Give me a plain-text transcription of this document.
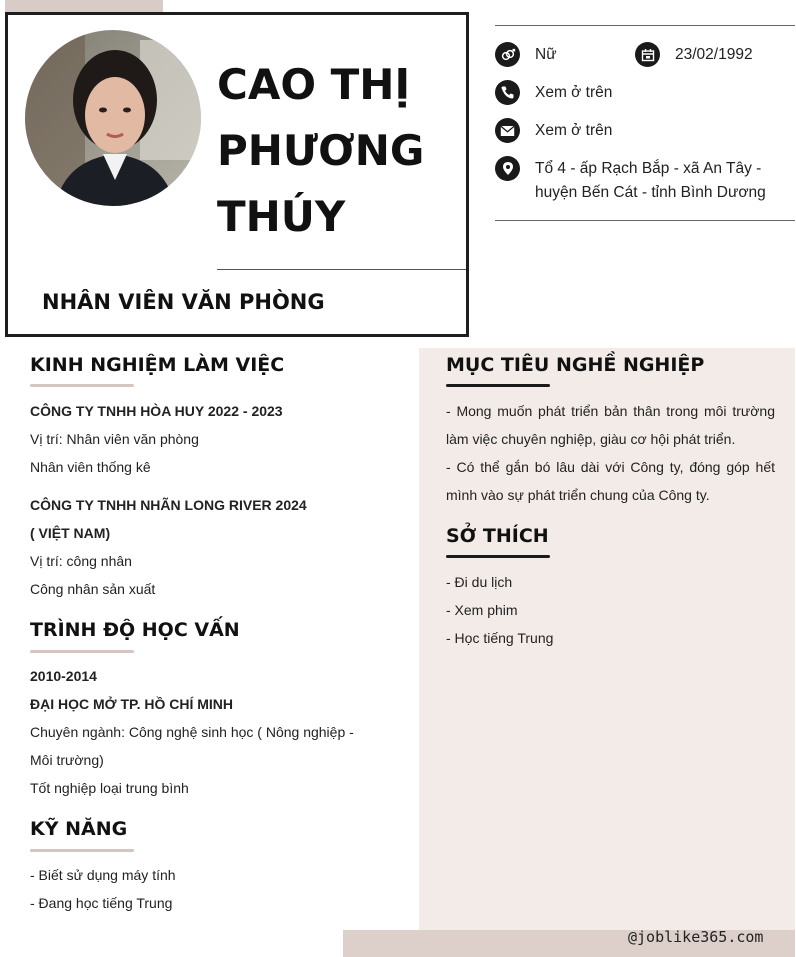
CAO THỊ
PHƯƠNG
THÚY
NHÂN VIÊN VĂN PHÒNG
Nữ	23/02/1992
Xem ở trên
Xem ở trên
Tổ 4 - ấp Rạch Bắp - xã An Tây -
huyện Bến Cát - tỉnh Bình Dương
KINH NGHIỆM LÀM VIỆC
CÔNG TY TNHH HÒA HUY 2022 - 2023
Vị trí: Nhân viên văn phòng
Nhân viên thống kê
CÔNG TY TNHH NHÃN LONG RIVER 2024
( VIỆT NAM)
Vị trí: công nhân
Công nhân sản xuất
TRÌNH ĐỘ HỌC VẤN
2010-2014
ĐẠI HỌC MỞ TP. HỒ CHÍ MINH
Chuyên ngành: Công nghệ sinh học ( Nông nghiệp -
Môi trường)
Tốt nghiệp loại trung bình
KỸ NĂNG
- Biết sử dụng máy tính
- Đang học tiếng Trung
MỤC TIÊU NGHỀ NGHIỆP
- Mong muốn phát triển bản thân trong môi trường
làm việc chuyên nghiệp, giàu cơ hội phát triển.
- Có thể gắn bó lâu dài với Công ty, đóng góp hết
mình vào sự phát triển chung của Công ty.
SỞ THÍCH
- Đi du lịch
- Xem phim
- Học tiếng Trung
@joblike365.com
